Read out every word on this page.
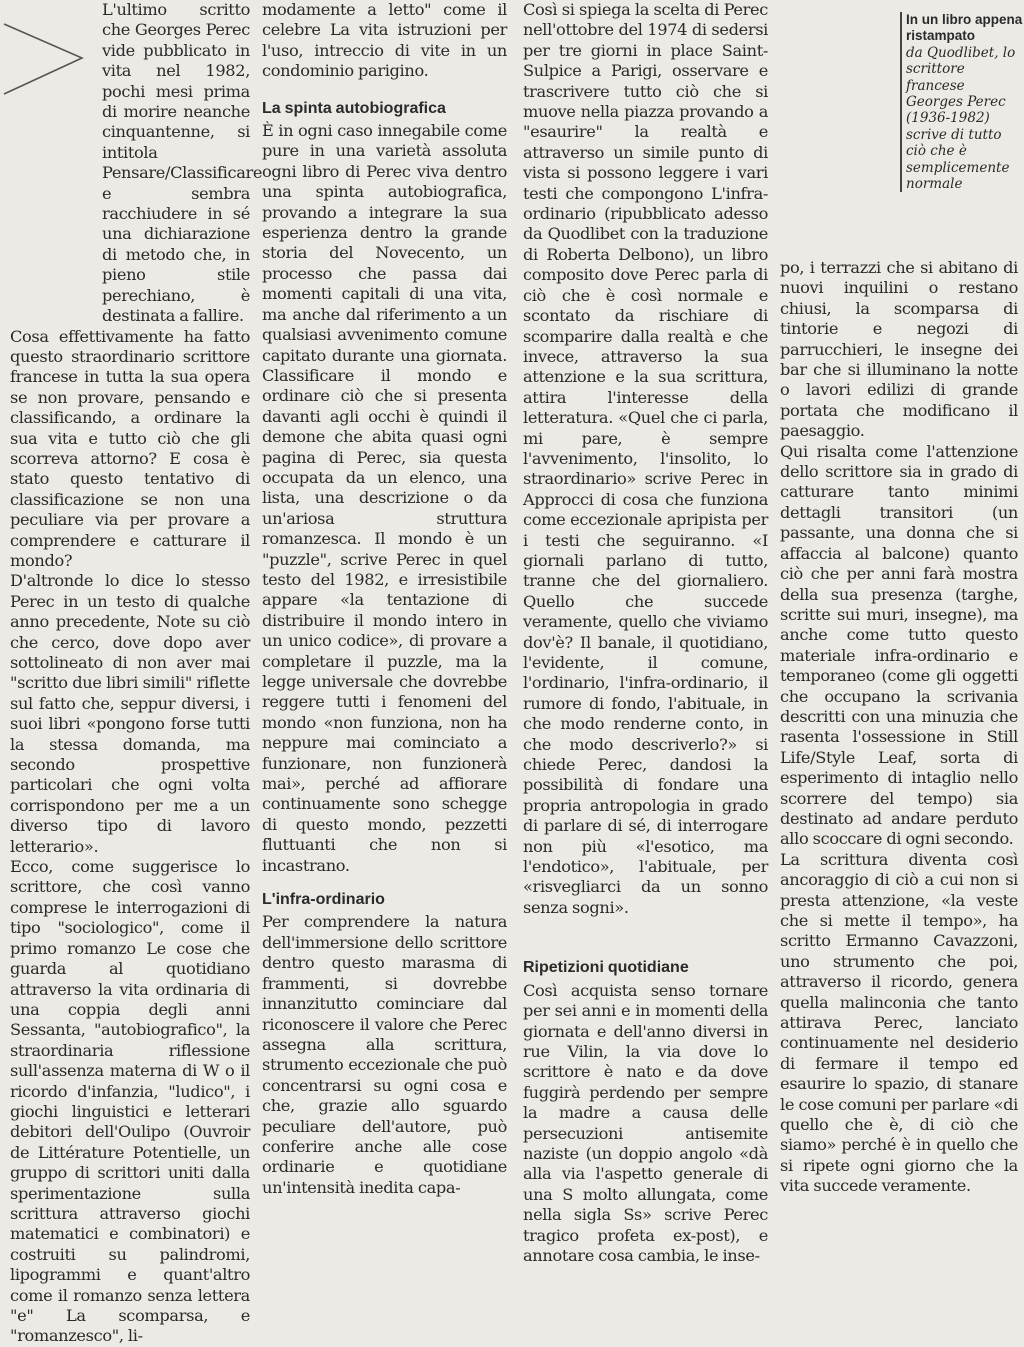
L'ultimo scritto che Georges Perec vide pubblicato in vita nel 1982, pochi mesi prima di morire neanche cinquantenne, si intitola Pensare/Classificare e sembra racchiudere in sé una dichiarazione di metodo che, in pieno stile perechiano, è destinata a fallire.

Cosa effettivamente ha fatto questo straordinario scrittore francese in tutta la sua opera se non provare, pensando e classificando, a ordinare la sua vita e tutto ciò che gli scorreva attorno? E cosa è stato questo tentativo di classificazione se non una peculiare via per provare a comprendere e catturare il mondo?

D'altronde lo dice lo stesso Perec in un testo di qualche anno precedente, Note su ciò che cerco, dove dopo aver sottolineato di non aver mai "scritto due libri simili" riflette sul fatto che, seppur diversi, i suoi libri «pongono forse tutti la stessa domanda, ma secondo prospettive particolari che ogni volta corrispondono per me a un diverso tipo di lavoro letterario».

Ecco, come suggerisce lo scrittore, che così vanno comprese le interrogazioni di tipo "sociologico", come il primo romanzo Le cose che guarda al quotidiano attraverso la vita ordinaria di una coppia degli anni Sessanta, "autobiografico", la straordinaria riflessione sull'assenza materna di W o il ricordo d'infanzia, "ludico", i giochi linguistici e letterari debitori dell'Oulipo (Ouvroir de Littérature Potentielle, un gruppo di scrittori uniti dalla sperimentazione sulla scrittura attraverso giochi matematici e combinatori) e costruiti su palindromi, lipogrammi e quant'altro come il romanzo senza lettera "e" La scomparsa, e "romanzesco", li-

modamente a letto" come il celebre La vita istruzioni per l'uso, intreccio di vite in un condominio parigino.

La spinta autobiografica

È in ogni caso innegabile come pure in una varietà assoluta ogni libro di Perec viva dentro una spinta autobiografica, provando a integrare la sua esperienza dentro la grande storia del Novecento, un processo che passa dai momenti capitali di una vita, ma anche dal riferimento a un qualsiasi avvenimento comune capitato durante una giornata. Classificare il mondo e ordinare ciò che si presenta davanti agli occhi è quindi il demone che abita quasi ogni pagina di Perec, sia questa occupata da un elenco, una lista, una descrizione o da un'ariosa struttura romanzesca. Il mondo è un "puzzle", scrive Perec in quel testo del 1982, e irresistibile appare «la tentazione di distribuire il mondo intero in un unico codice», di provare a completare il puzzle, ma la legge universale che dovrebbe reggere tutti i fenomeni del mondo «non funziona, non ha neppure mai cominciato a funzionare, non funzionerà mai», perché ad affiorare continuamente sono schegge di questo mondo, pezzetti fluttuanti che non si incastrano.

L'infra-ordinario

Per comprendere la natura dell'immersione dello scrittore dentro questo marasma di frammenti, si dovrebbe innanzitutto cominciare dal riconoscere il valore che Perec assegna alla scrittura, strumento eccezionale che può concentrarsi su ogni cosa e che, grazie allo sguardo peculiare dell'autore, può conferire anche alle cose ordinarie e quotidiane un'intensità inedita capa-

Così si spiega la scelta di Perec nell'ottobre del 1974 di sedersi per tre giorni in place Saint-Sulpice a Parigi, osservare e trascrivere tutto ciò che si muove nella piazza provando a "esaurire" la realtà e attraverso un simile punto di vista si possono leggere i vari testi che compongono L'infra-ordinario (ripubblicato adesso da Quodlibet con la traduzione di Roberta Delbono), un libro composito dove Perec parla di ciò che è così normale e scontato da rischiare di scomparire dalla realtà e che invece, attraverso la sua attenzione e la sua scrittura, attira l'interesse della letteratura. «Quel che ci parla, mi pare, è sempre l'avvenimento, l'insolito, lo straordinario» scrive Perec in Approcci di cosa che funziona come eccezionale apripista per i testi che seguiranno. «I giornali parlano di tutto, tranne che del giornaliero. Quello che succede veramente, quello che viviamo dov'è? Il banale, il quotidiano, l'evidente, il comune, l'ordinario, l'infra-ordinario, il rumore di fondo, l'abituale, in che modo renderne conto, in che modo descriverlo?» si chiede Perec, dandosi la possibilità di fondare una propria antropologia in grado di parlare di sé, di interrogare non più «l'esotico, ma l'endotico», l'abituale, per «risvegliarci da un sonno senza sogni».

Ripetizioni quotidiane

Così acquista senso tornare per sei anni e in momenti della giornata e dell'anno diversi in rue Vilin, la via dove lo scrittore è nato e da dove fuggirà perdendo per sempre la madre a causa delle persecuzioni antisemite naziste (un doppio angolo «dà alla via l'aspetto generale di una S molto allungata, come nella sigla Ss» scrive Perec tragico profeta ex-post), e annotare cosa cambia, le inse-

In un libro appena ristampato
da Quodlibet, lo scrittore francese Georges Perec (1936-1982) scrive di tutto ciò che è semplicemente normale

po, i terrazzi che si abitano di nuovi inquilini o restano chiusi, la scomparsa di tintorie e negozi di parrucchieri, le insegne dei bar che si illuminano la notte o lavori edilizi di grande portata che modificano il paesaggio.

Qui risalta come l'attenzione dello scrittore sia in grado di catturare tanto minimi dettagli transitori (un passante, una donna che si affaccia al balcone) quanto ciò che per anni farà mostra della sua presenza (targhe, scritte sui muri, insegne), ma anche come tutto questo materiale infra-ordinario e temporaneo (come gli oggetti che occupano la scrivania descritti con una minuzia che rasenta l'ossessione in Still Life/Style Leaf, sorta di esperimento di intaglio nello scorrere del tempo) sia destinato ad andare perduto allo scoccare di ogni secondo.

La scrittura diventa così ancoraggio di ciò a cui non si presta attenzione, «la veste che si mette il tempo», ha scritto Ermanno Cavazzoni, uno strumento che poi, attraverso il ricordo, genera quella malinconia che tanto attirava Perec, lanciato continuamente nel desiderio di fermare il tempo ed esaurire lo spazio, di stanare le cose comuni per parlare «di quello che è, di ciò che siamo» perché è in quello che si ripete ogni giorno che la vita succede veramente.
